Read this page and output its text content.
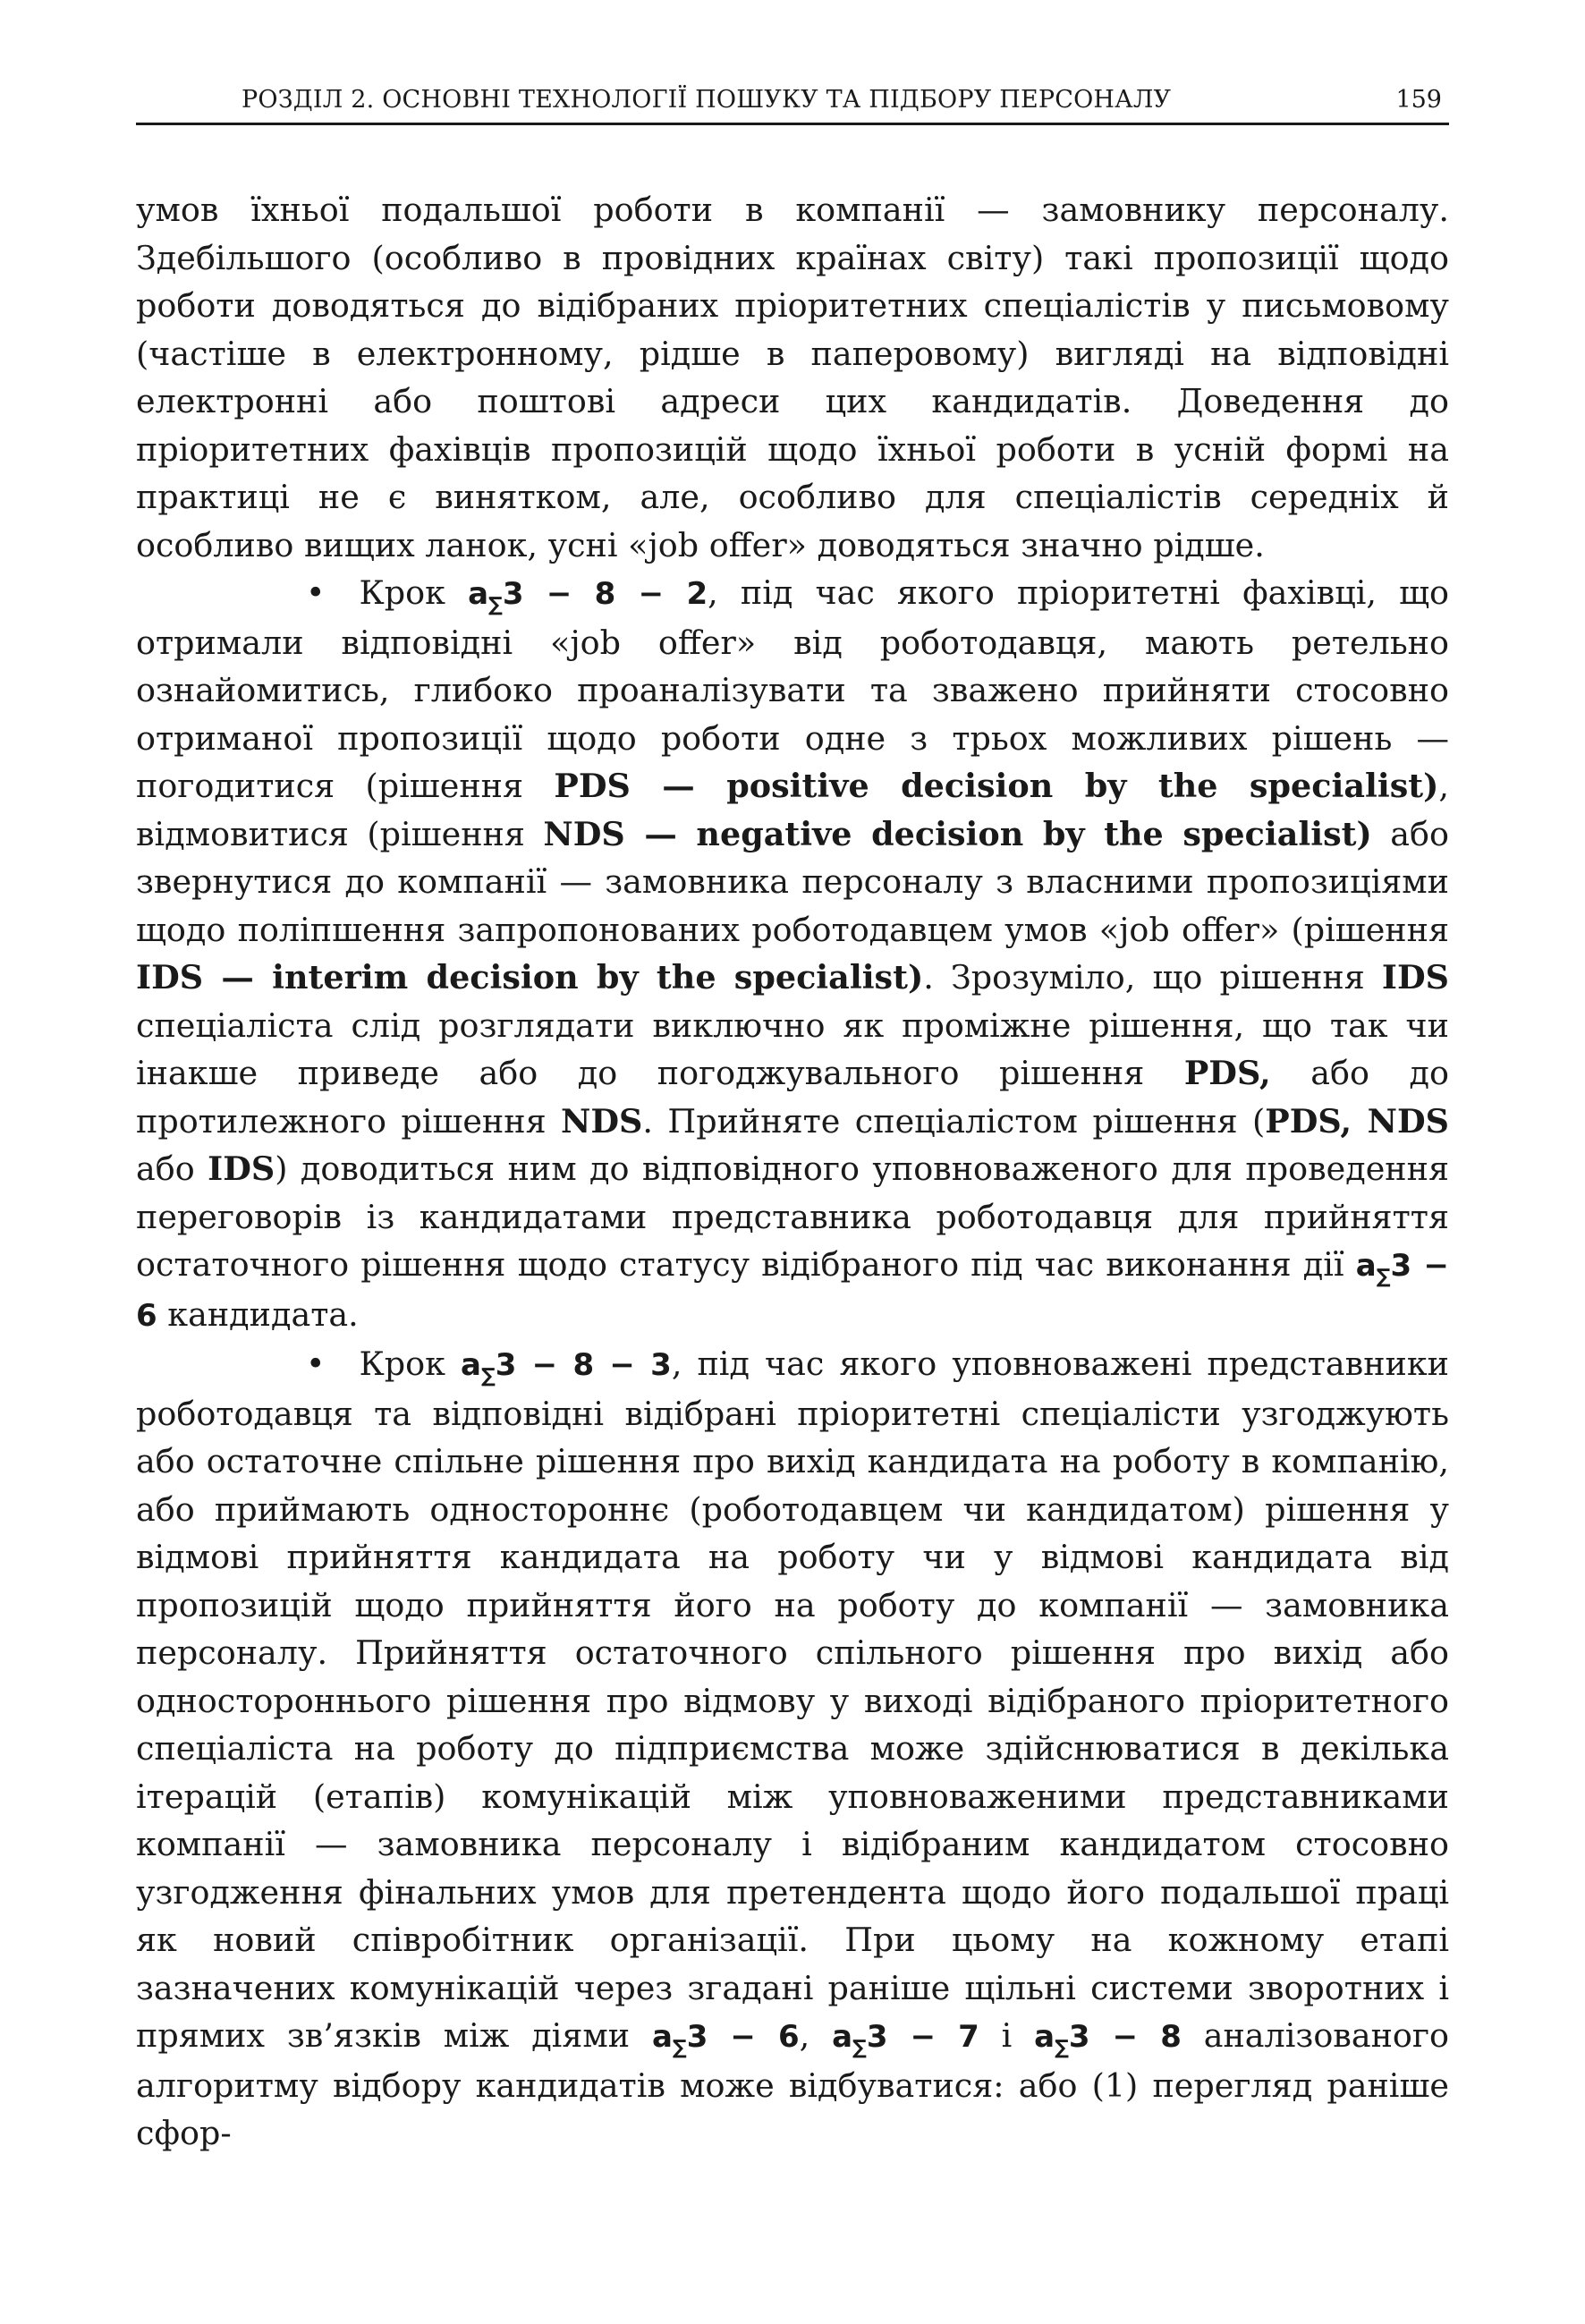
РОЗДІЛ 2. ОСНОВНІ ТЕХНОЛОГІЇ ПОШУКУ ТА ПІДБОРУ ПЕРСОНАЛУ	159

умов їхньої подальшої роботи в компанії — замовнику персоналу. Здебільшого (особливо в провідних країнах світу) такі пропозиції щодо роботи доводяться до відібраних пріоритетних спеціалістів у письмовому (частіше в електронному, рідше в паперовому) вигляді на відповідні електронні або поштові адреси цих кандидатів. Доведення до пріоритетних фахівців пропозицій щодо їхньої роботи в усній формі на практиці не є винятком, але, особливо для спеціалістів середніх й особливо вищих ланок, усні «job offer» доводяться значно рідше.

• Крок $a_\sum 3 - 8 - 2$, під час якого пріоритетні фахівці, що отримали відповідні «job offer» від роботодавця, мають ретельно ознайомитись, глибоко проаналізувати та зважено прийняти стосовно отриманої пропозиції щодо роботи одне з трьох можливих рішень — погодитися (рішення PDS — positive decision by the specialist), відмовитися (рішення NDS — negative decision by the specialist) або звернутися до компанії — замовника персоналу з власними пропозиціями щодо поліпшення запропонованих роботодавцем умов «job offer» (рішення IDS — interim decision by the specialist). Зрозуміло, що рішення IDS спеціаліста слід розглядати виключно як проміжне рішення, що так чи інакше приведе або до погоджувального рішення PDS, або до протилежного рішення NDS. Прийняте спеціалістом рішення (PDS, NDS або IDS) доводиться ним до відповідного уповноваженого для проведення переговорів із кандидатами представника роботодавця для прийняття остаточного рішення щодо статусу відібраного під час виконання дії $a_\sum 3 - 6$ кандидата.

• Крок $a_\sum 3 - 8 - 3$, під час якого уповноважені представники роботодавця та відповідні відібрані пріоритетні спеціалісти узгоджують або остаточне спільне рішення про вихід кандидата на роботу в компанію, або приймають одностороннє (роботодавцем чи кандидатом) рішення у відмові прийняття кандидата на роботу чи у відмові кандидата від пропозицій щодо прийняття його на роботу до компанії — замовника персоналу. Прийняття остаточного спільного рішення про вихід або одностороннього рішення про відмову у виході відібраного пріоритетного спеціаліста на роботу до підприємства може здійснюватися в декілька ітерацій (етапів) комунікацій між уповноваженими представниками компанії — замовника персоналу і відібраним кандидатом стосовно узгодження фінальних умов для претендента щодо його подальшої праці як новий співробітник організації. При цьому на кожному етапі зазначених комунікацій через згадані раніше щільні системи зворотних і прямих зв’язків між діями $a_\sum 3 - 6$, $a_\sum 3 - 7$ і $a_\sum 3 - 8$ аналізованого алгоритму відбору кандидатів може відбуватися: або (1) перегляд раніше сфор-
